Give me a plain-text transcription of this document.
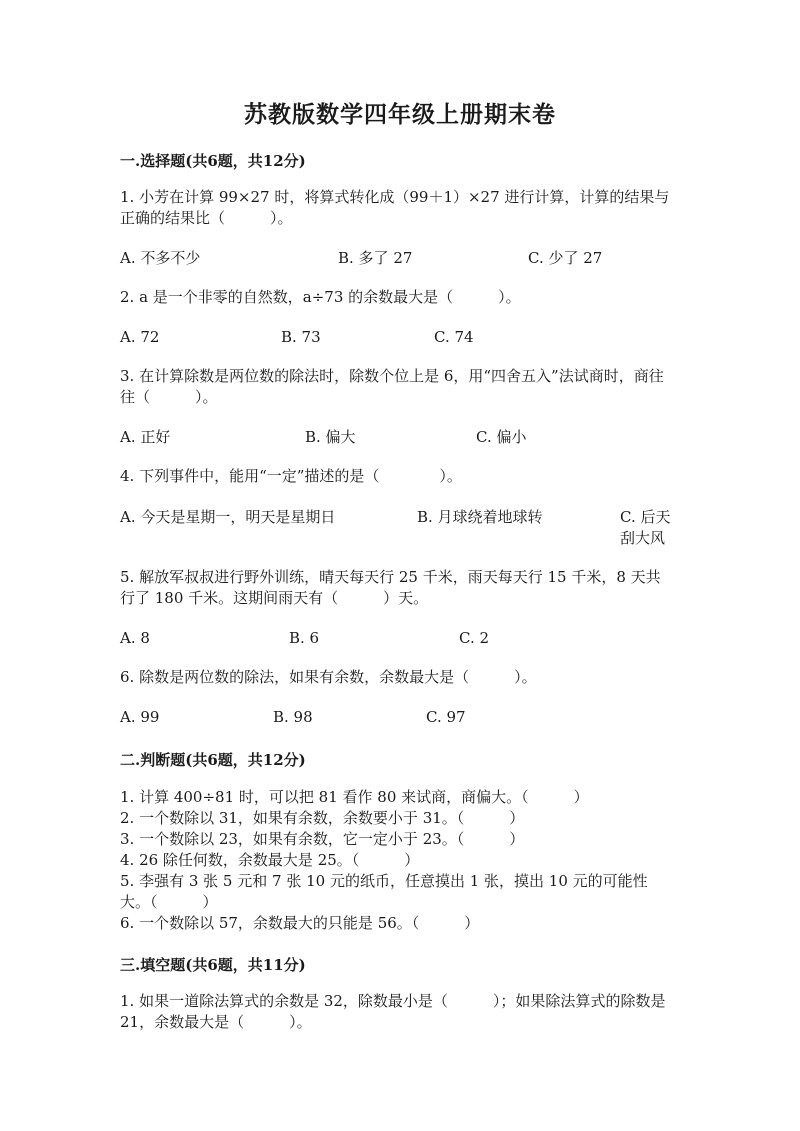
苏教版数学四年级上册期末卷
一.选择题(共6题，共12分)
1. 小芳在计算 99×27 时，将算式转化成（99＋1）×27 进行计算，计算的结果与正确的结果比（　　　）。
A. 不多不少	B. 多了 27	C. 少了 27
2. a 是一个非零的自然数，a÷73 的余数最大是（　　　）。
A. 72	B. 73	C. 74
3. 在计算除数是两位数的除法时，除数个位上是 6，用“四舍五入”法试商时，商往往（　　　）。
A. 正好	B. 偏大	C. 偏小
4. 下列事件中，能用“一定”描述的是（　　　　）。
A. 今天是星期一，明天是星期日	B. 月球绕着地球转	C. 后天刮大风
5. 解放军叔叔进行野外训练，晴天每天行 25 千米，雨天每天行 15 千米，8 天共行了 180 千米。这期间雨天有（　　　）天。
A. 8	B. 6	C. 2
6. 除数是两位数的除法，如果有余数，余数最大是（　　　）。
A. 99	B. 98	C. 97
二.判断题(共6题，共12分)
1. 计算 400÷81 时，可以把 81 看作 80 来试商，商偏大。（　　　）
2. 一个数除以 31，如果有余数，余数要小于 31。（　　　）
3. 一个数除以 23，如果有余数，它一定小于 23。（　　　）
4. 26 除任何数，余数最大是 25。（　　　）
5. 李强有 3 张 5 元和 7 张 10 元的纸币，任意摸出 1 张，摸出 10 元的可能性大。（　　　）
6. 一个数除以 57，余数最大的只能是 56。（　　　）
三.填空题(共6题，共11分)
1. 如果一道除法算式的余数是 32，除数最小是（　　　）；如果除法算式的除数是 21，余数最大是（　　　）。
